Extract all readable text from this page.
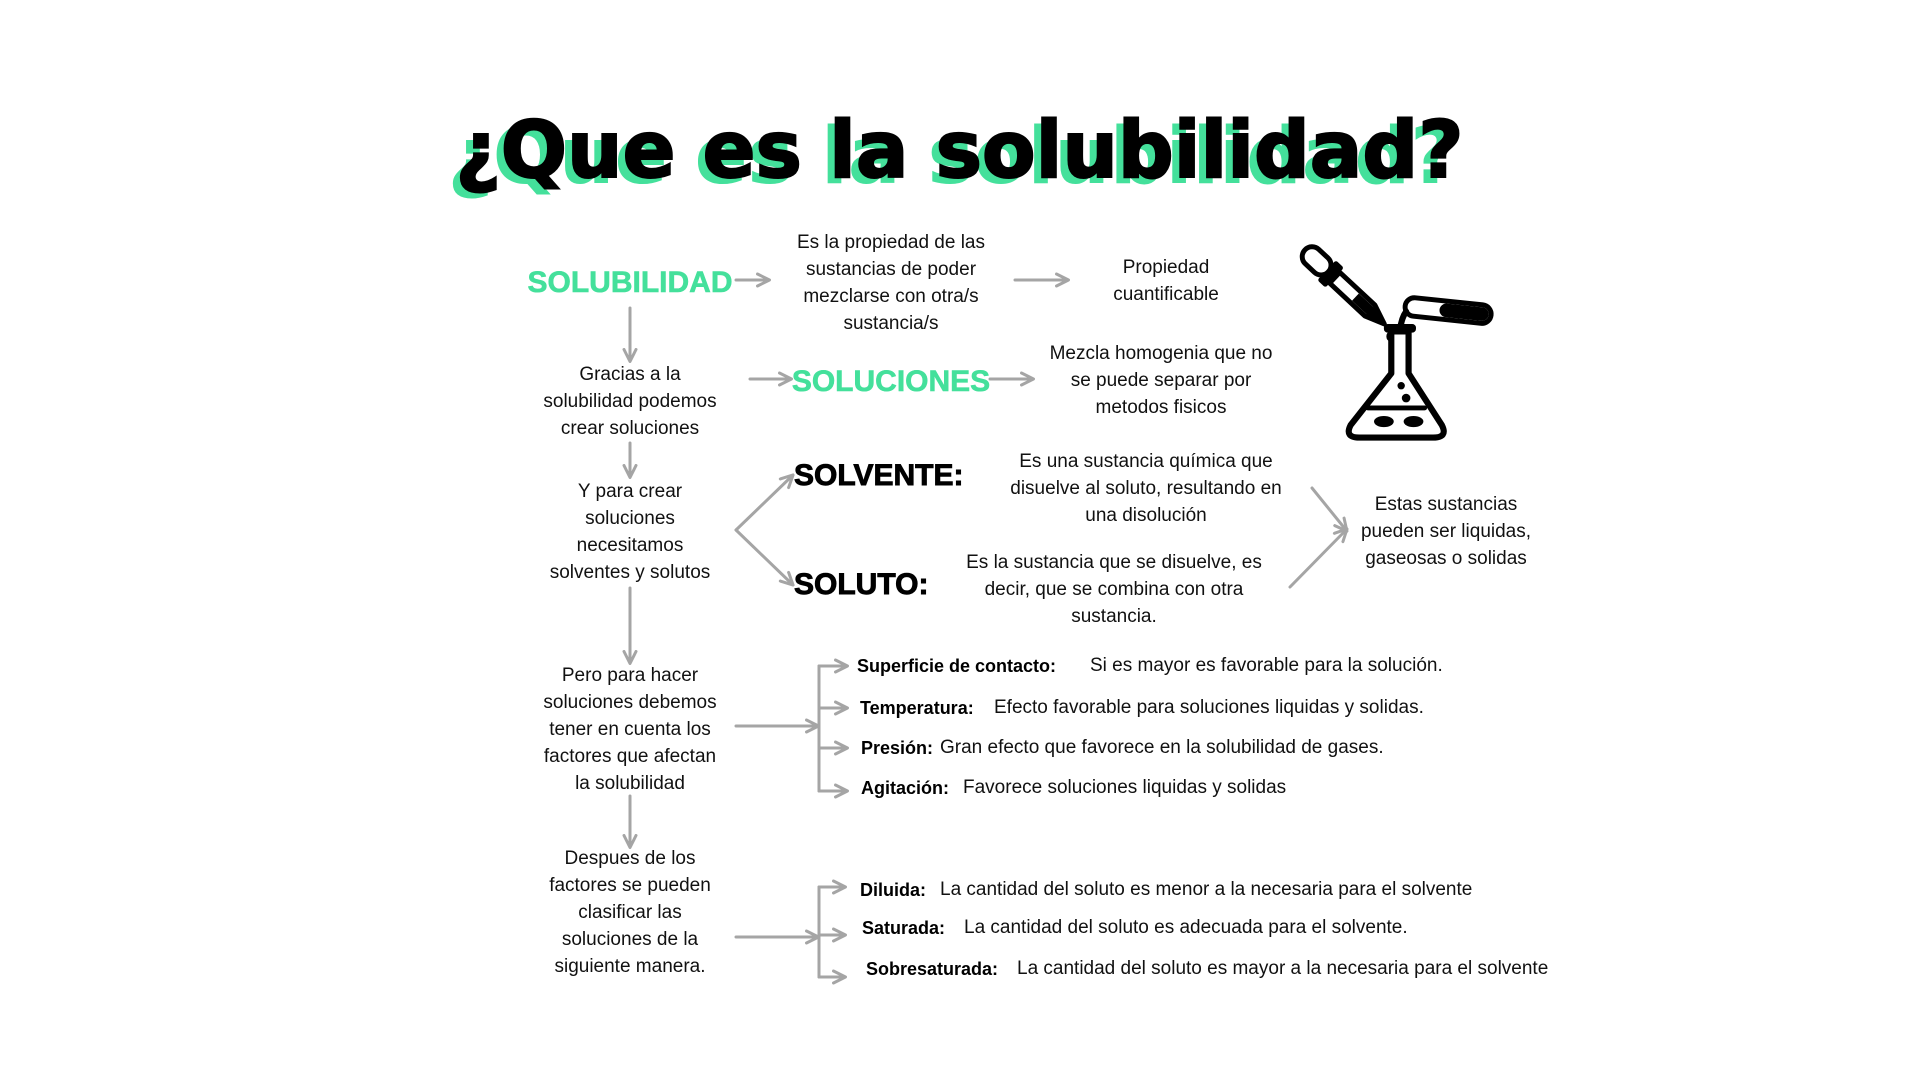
¿Que es la solubilidad?
SOLUBILIDAD
Es la propiedad de las
sustancias de poder
mezclarse con otra/s
sustancia/s
Propiedad
cuantificable
Gracias a la
solubilidad podemos
crear soluciones
SOLUCIONES
Mezcla homogenia que no
se puede separar por
metodos fisicos
Y para crear
soluciones
necesitamos
solventes y solutos
SOLVENTE:	Es una sustancia química que
disuelve al soluto, resultando en
una disolución
SOLUTO:
Es la sustancia que se disuelve, es
decir, que se combina con otra
sustancia.
Estas sustancias
pueden ser liquidas,
gaseosas o solidas
Pero para hacer
soluciones debemos
tener en cuenta los
factores que afectan
la solubilidad
Superficie de contacto: Si es mayor es favorable para la solución.
Temperatura: Efecto favorable para soluciones liquidas y solidas.
Presión: Gran efecto que favorece en la solubilidad de gases.
Agitación: Favorece soluciones liquidas y solidas
Despues de los
factores se pueden
clasificar las
soluciones de la
siguiente manera.
Diluida: La cantidad del soluto es menor a la necesaria para el solvente
Saturada: La cantidad del soluto es adecuada para el solvente.
Sobresaturada: La cantidad del soluto es mayor a la necesaria para el solvente
